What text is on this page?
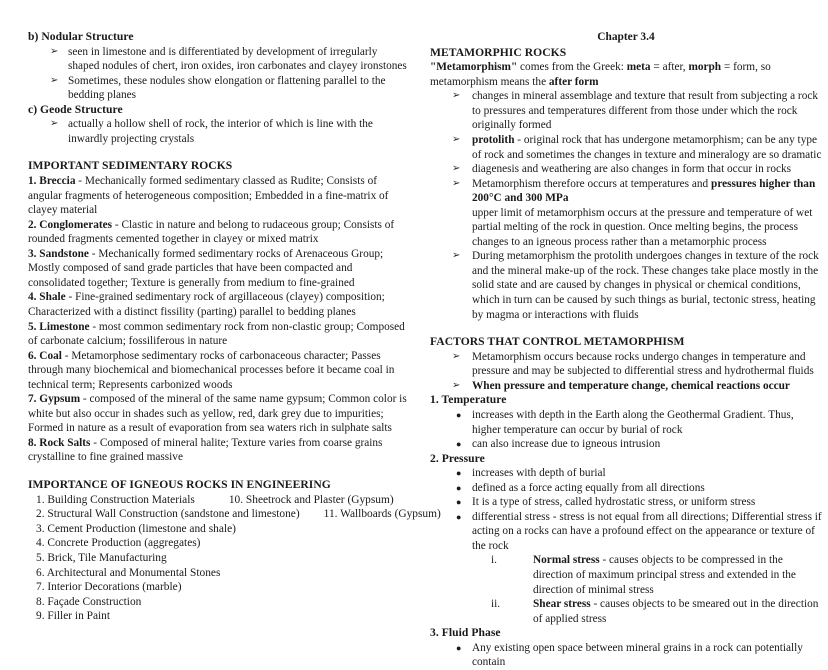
b) Nodular Structure
➢ seen in limestone and is differentiated by development of irregularly shaped nodules of chert, iron oxides, iron carbonates and clayey ironstones
➢ Sometimes, these nodules show elongation or flattening parallel to the bedding planes
c) Geode Structure
➢ actually a hollow shell of rock, the interior of which is line with the inwardly projecting crystals
IMPORTANT SEDIMENTARY ROCKS
1. Breccia - Mechanically formed sedimentary classed as Rudite; Consists of angular fragments of heterogeneous composition; Embedded in a fine-matrix of clayey material
2. Conglomerates - Clastic in nature and belong to rudaceous group; Consists of rounded fragments cemented together in clayey or mixed matrix
3. Sandstone - Mechanically formed sedimentary rocks of Arenaceous Group; Mostly composed of sand grade particles that have been compacted and consolidated together; Texture is generally from medium to fine-grained
4. Shale - Fine-grained sedimentary rock of argillaceous (clayey) composition; Characterized with a distinct fissility (parting) parallel to bedding planes
5. Limestone - most common sedimentary rock from non-clastic group; Composed of carbonate calcium; fossiliferous in nature
6. Coal - Metamorphose sedimentary rocks of carbonaceous character; Passes through many biochemical and biomechanical processes before it became coal in technical term; Represents carbonized woods
7. Gypsum - composed of the mineral of the same name gypsum; Common color is white but also occur in shades such as yellow, red, dark grey due to impurities; Formed in nature as a result of evaporation from sea waters rich in sulphate salts
8. Rock Salts - Composed of mineral halite; Texture varies from coarse grains crystalline to fine grained massive
IMPORTANCE OF IGNEOUS ROCKS IN ENGINEERING
1. Building Construction Materials	10. Sheetrock and Plaster (Gypsum)
2. Structural Wall Construction (sandstone and limestone) 11. Wallboards (Gypsum)
3. Cement Production (limestone and shale)
4. Concrete Production (aggregates)
5. Brick, Tile Manufacturing
6. Architectural and Monumental Stones
7. Interior Decorations (marble)
8. Façade Construction
9. Filler in Paint
Chapter 3.4
METAMORPHIC ROCKS
"Metamorphism" comes from the Greek: meta = after, morph = form, so metamorphism means the after form
➢ changes in mineral assemblage and texture that result from subjecting a rock to pressures and temperatures different from those under which the rock originally formed
➢ protolith - original rock that has undergone metamorphism; can be any type of rock and sometimes the changes in texture and mineralogy are so dramatic
➢ diagenesis and weathering are also changes in form that occur in rocks
➢ Metamorphism therefore occurs at temperatures and pressures higher than 200°C and 300 MPa
upper limit of metamorphism occurs at the pressure and temperature of wet partial melting of the rock in question. Once melting begins, the process changes to an igneous process rather than a metamorphic process
➢ During metamorphism the protolith undergoes changes in texture of the rock and the mineral make-up of the rock. These changes take place mostly in the solid state and are caused by changes in physical or chemical conditions, which in turn can be caused by such things as burial, tectonic stress, heating by magma or interactions with fluids
FACTORS THAT CONTROL METAMORPHISM
➢ Metamorphism occurs because rocks undergo changes in temperature and pressure and may be subjected to differential stress and hydrothermal fluids
➢ When pressure and temperature change, chemical reactions occur
1. Temperature
● increases with depth in the Earth along the Geothermal Gradient. Thus, higher temperature can occur by burial of rock
● can also increase due to igneous intrusion
2. Pressure
● increases with depth of burial
● defined as a force acting equally from all directions
● It is a type of stress, called hydrostatic stress, or uniform stress
● differential stress - stress is not equal from all directions; Differential stress if acting on a rocks can have a profound effect on the appearance or texture of the rock
i.	Normal stress - causes objects to be compressed in the direction of maximum principal stress and extended in the direction of minimal stress
ii.	Shear stress - causes objects to be smeared out in the direction of applied stress
3. Fluid Phase
● Any existing open space between mineral grains in a rock can potentially contain
